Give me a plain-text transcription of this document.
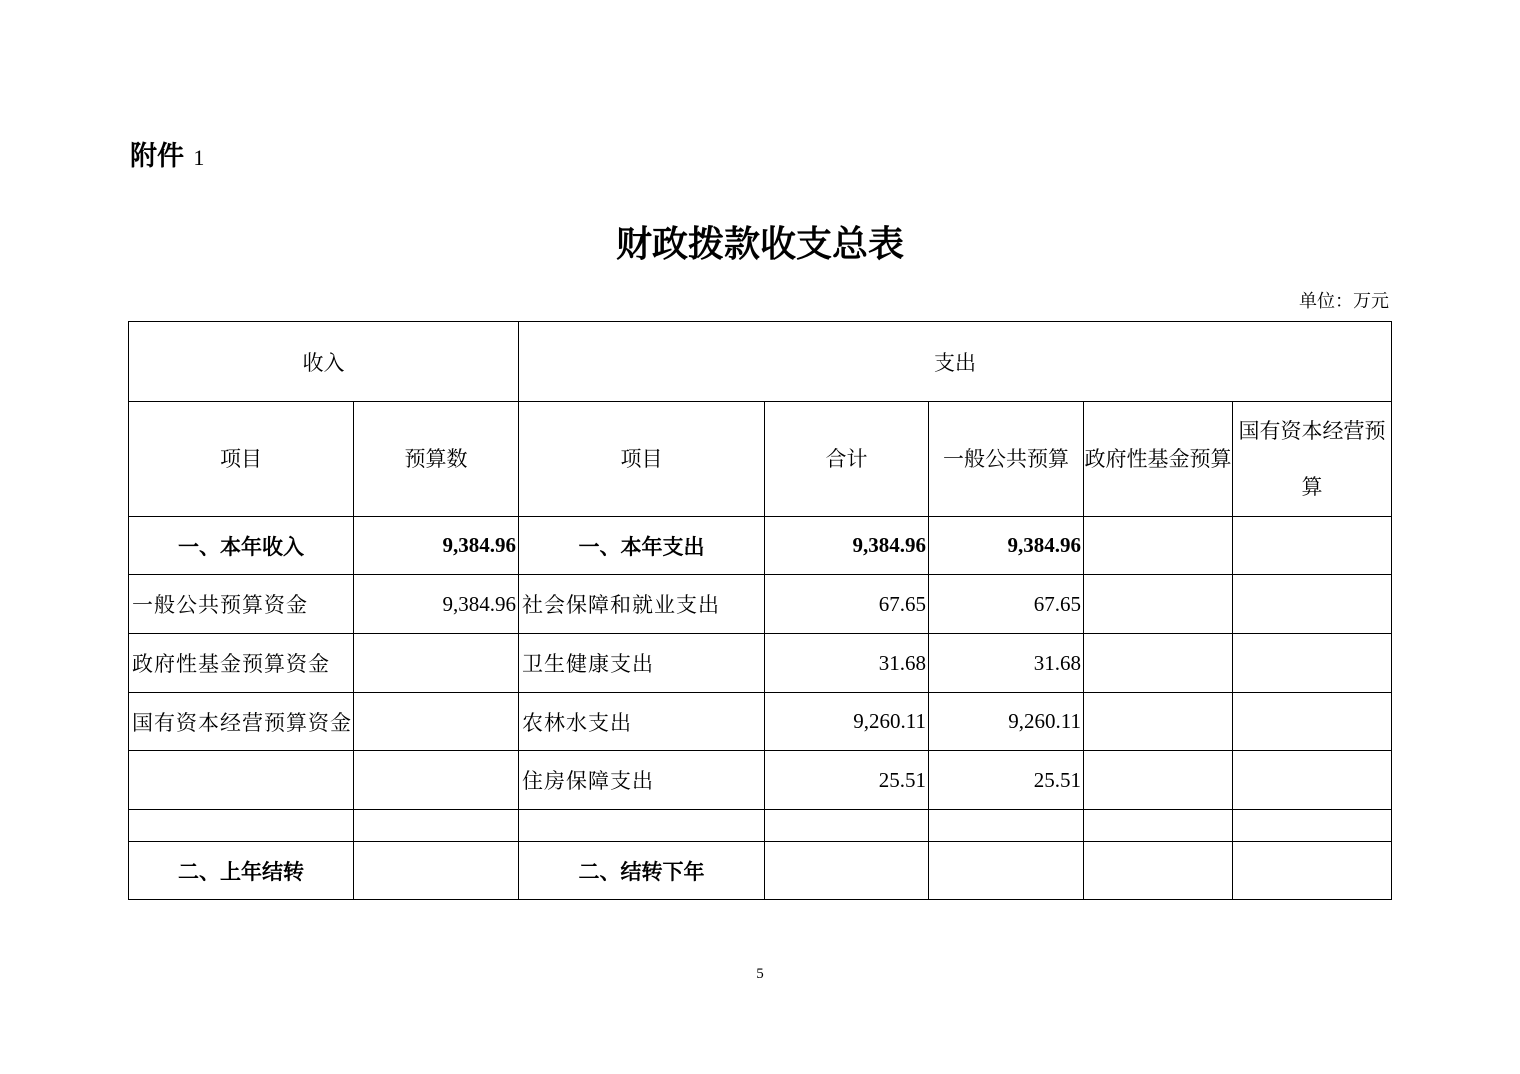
附件 1
财政拨款收支总表
单位：万元
收入		支出				
项目	预算数	项目	合计	一般公共预算	政府性基金预算	国有资本经营预算
一、本年收入	9,384.96	一、本年支出	9,384.96	9,384.96		
一般公共预算资金	9,384.96	社会保障和就业支出	67.65	67.65		
政府性基金预算资金		卫生健康支出	31.68	31.68		
国有资本经营预算资金		农林水支出	9,260.11	9,260.11		
		住房保障支出	25.51	25.51		

二、上年结转		二、结转下年				
5
